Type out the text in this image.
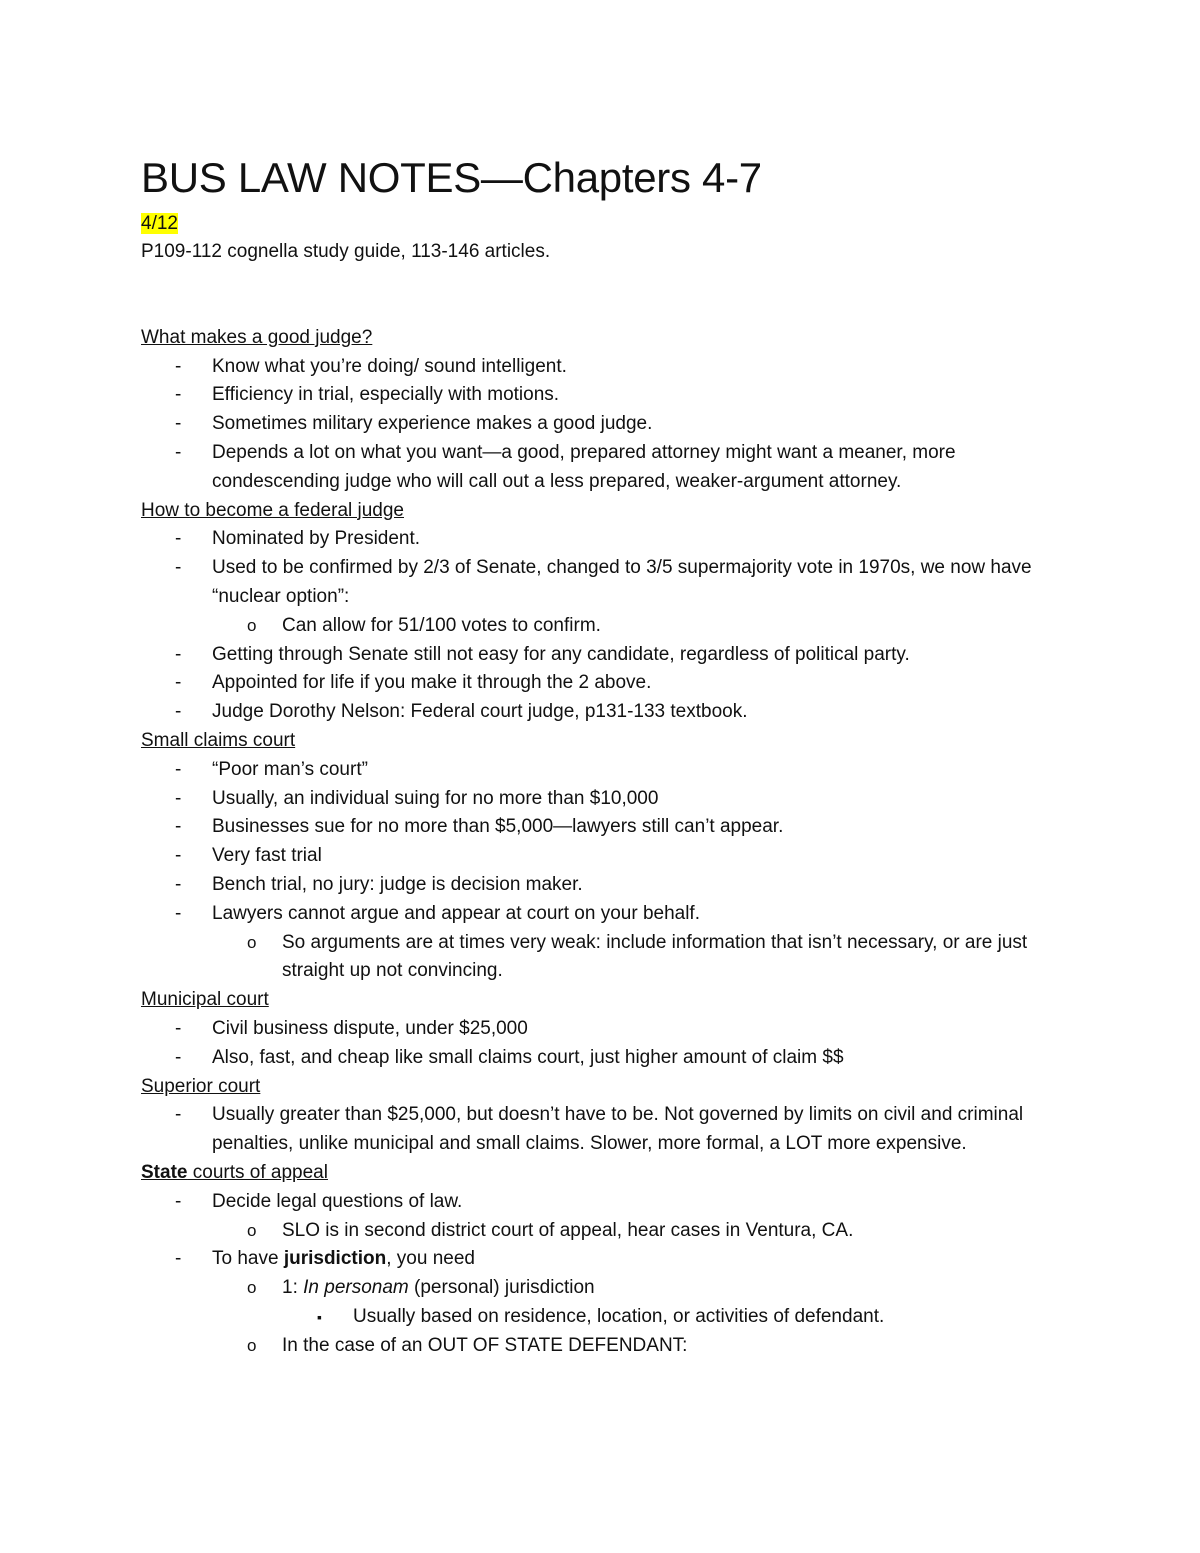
BUS LAW NOTES—Chapters 4-7
4/12
P109-112 cognella study guide, 113-146 articles.
What makes a good judge?
- Know what you’re doing/ sound intelligent.
- Efficiency in trial, especially with motions.
- Sometimes military experience makes a good judge.
- Depends a lot on what you want—a good, prepared attorney might want a meaner, more condescending judge who will call out a less prepared, weaker-argument attorney.
How to become a federal judge
- Nominated by President.
- Used to be confirmed by 2/3 of Senate, changed to 3/5 supermajority vote in 1970s, we now have “nuclear option”:
o Can allow for 51/100 votes to confirm.
- Getting through Senate still not easy for any candidate, regardless of political party.
- Appointed for life if you make it through the 2 above.
- Judge Dorothy Nelson: Federal court judge, p131-133 textbook.
Small claims court
- “Poor man’s court”
- Usually, an individual suing for no more than $10,000
- Businesses sue for no more than $5,000—lawyers still can’t appear.
- Very fast trial
- Bench trial, no jury: judge is decision maker.
- Lawyers cannot argue and appear at court on your behalf.
o So arguments are at times very weak: include information that isn’t necessary, or are just straight up not convincing.
Municipal court
- Civil business dispute, under $25,000
- Also, fast, and cheap like small claims court, just higher amount of claim $$
Superior court
- Usually greater than $25,000, but doesn’t have to be. Not governed by limits on civil and criminal penalties, unlike municipal and small claims. Slower, more formal, a LOT more expensive.
State courts of appeal
- Decide legal questions of law.
o SLO is in second district court of appeal, hear cases in Ventura, CA.
- To have jurisdiction, you need
o 1: In personam (personal) jurisdiction
▪ Usually based on residence, location, or activities of defendant.
o In the case of an OUT OF STATE DEFENDANT:
